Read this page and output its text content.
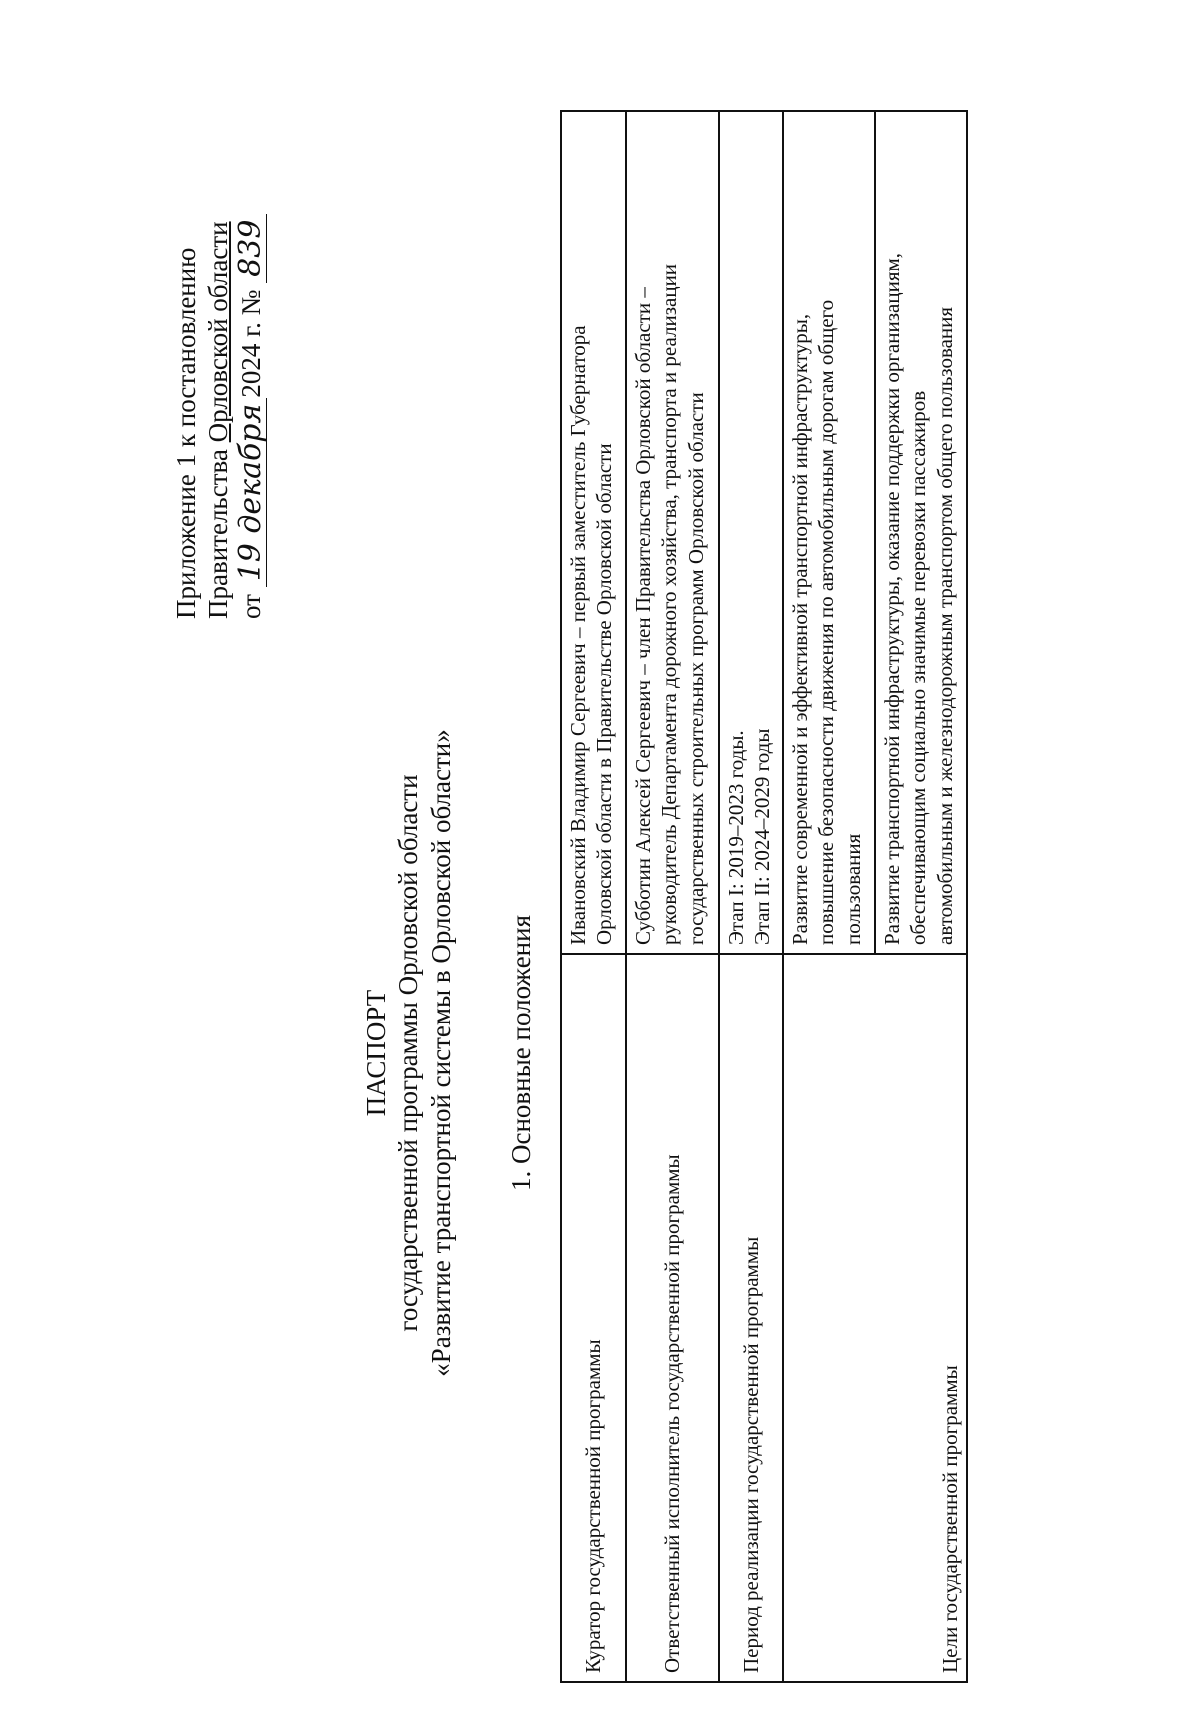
Приложение 1 к постановлению Правительства Орловской области
от 19 декабря2024 г. № 839
ПАСПОРТ государственной программы Орловской области «Развитие транспортной системы в Орловской области» 1. Основные положения
Куратор государственной программы	Ивановский Владимир Сергеевич – первый заместитель Губернатора Орловской области в Правительстве Орловской области

Ответственный исполнитель государственной программы	Субботин Алексей Сергеевич – член Правительства Орловской области – руководитель Департамента дорожного хозяйства, транспорта и реализации государственных строительных программ Орловской области

Период реализации государственной программы	Этап I: 2019–2023 годы. Этап II: 2024–2029 годы

Цели государственной программы	Развитие современной и эффективной транспортной инфраструктуры, повышение безопасности движения по автомобильным дорогам общего пользования

	Развитие транспортной инфраструктуры, оказание поддержки организациям, обеспечивающим социально значимые перевозки пассажиров автомобильным и железнодорожным транспортом общего пользования
